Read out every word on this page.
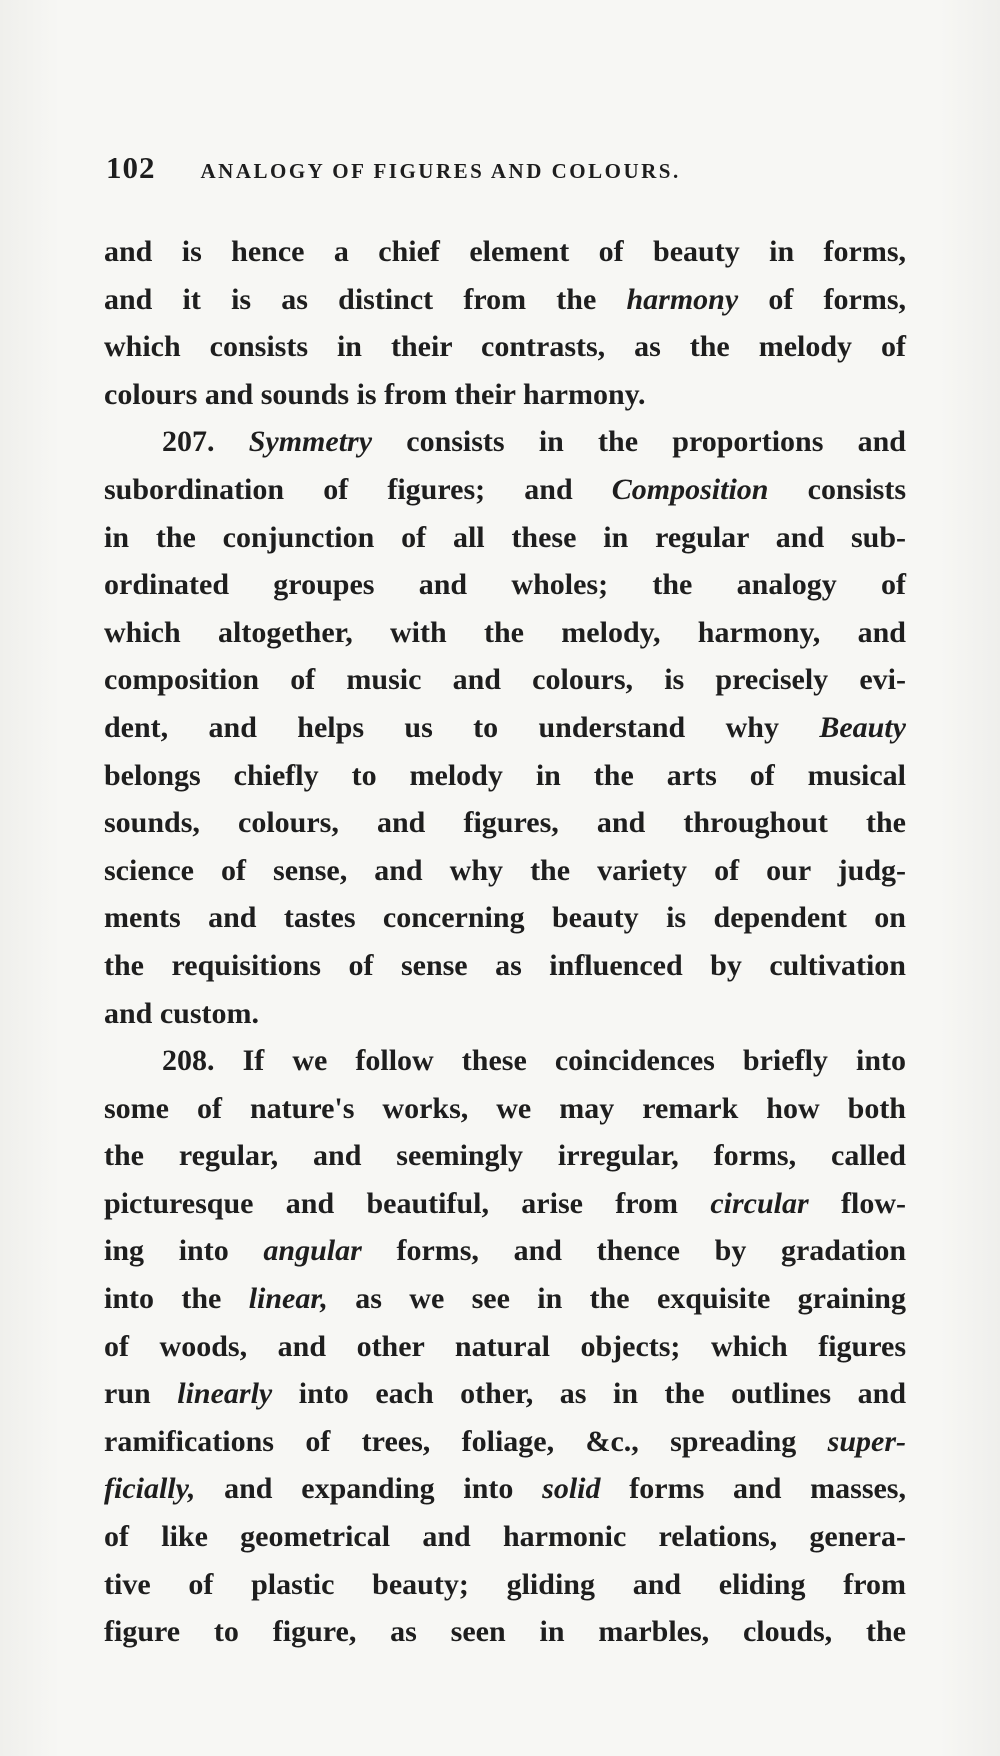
102 ANALOGY OF FIGURES AND COLOURS.
and is hence a chief element of beauty in forms,
and it is as distinct from the harmony of forms,
which consists in their contrasts, as the melody of
colours and sounds is from their harmony.
207. Symmetry consists in the proportions and
subordination of figures; and Composition consists
in the conjunction of all these in regular and sub-
ordinated groupes and wholes; the analogy of
which altogether, with the melody, harmony, and
composition of music and colours, is precisely evi-
dent, and helps us to understand why Beauty
belongs chiefly to melody in the arts of musical
sounds, colours, and figures, and throughout the
science of sense, and why the variety of our judg-
ments and tastes concerning beauty is dependent on
the requisitions of sense as influenced by cultivation
and custom.
208. If we follow these coincidences briefly into
some of nature's works, we may remark how both
the regular, and seemingly irregular, forms, called
picturesque and beautiful, arise from circular flow-
ing into angular forms, and thence by gradation
into the linear, as we see in the exquisite graining
of woods, and other natural objects; which figures
run linearly into each other, as in the outlines and
ramifications of trees, foliage, &c., spreading super-
ficially, and expanding into solid forms and masses,
of like geometrical and harmonic relations, genera-
tive of plastic beauty; gliding and eliding from
figure to figure, as seen in marbles, clouds, the
